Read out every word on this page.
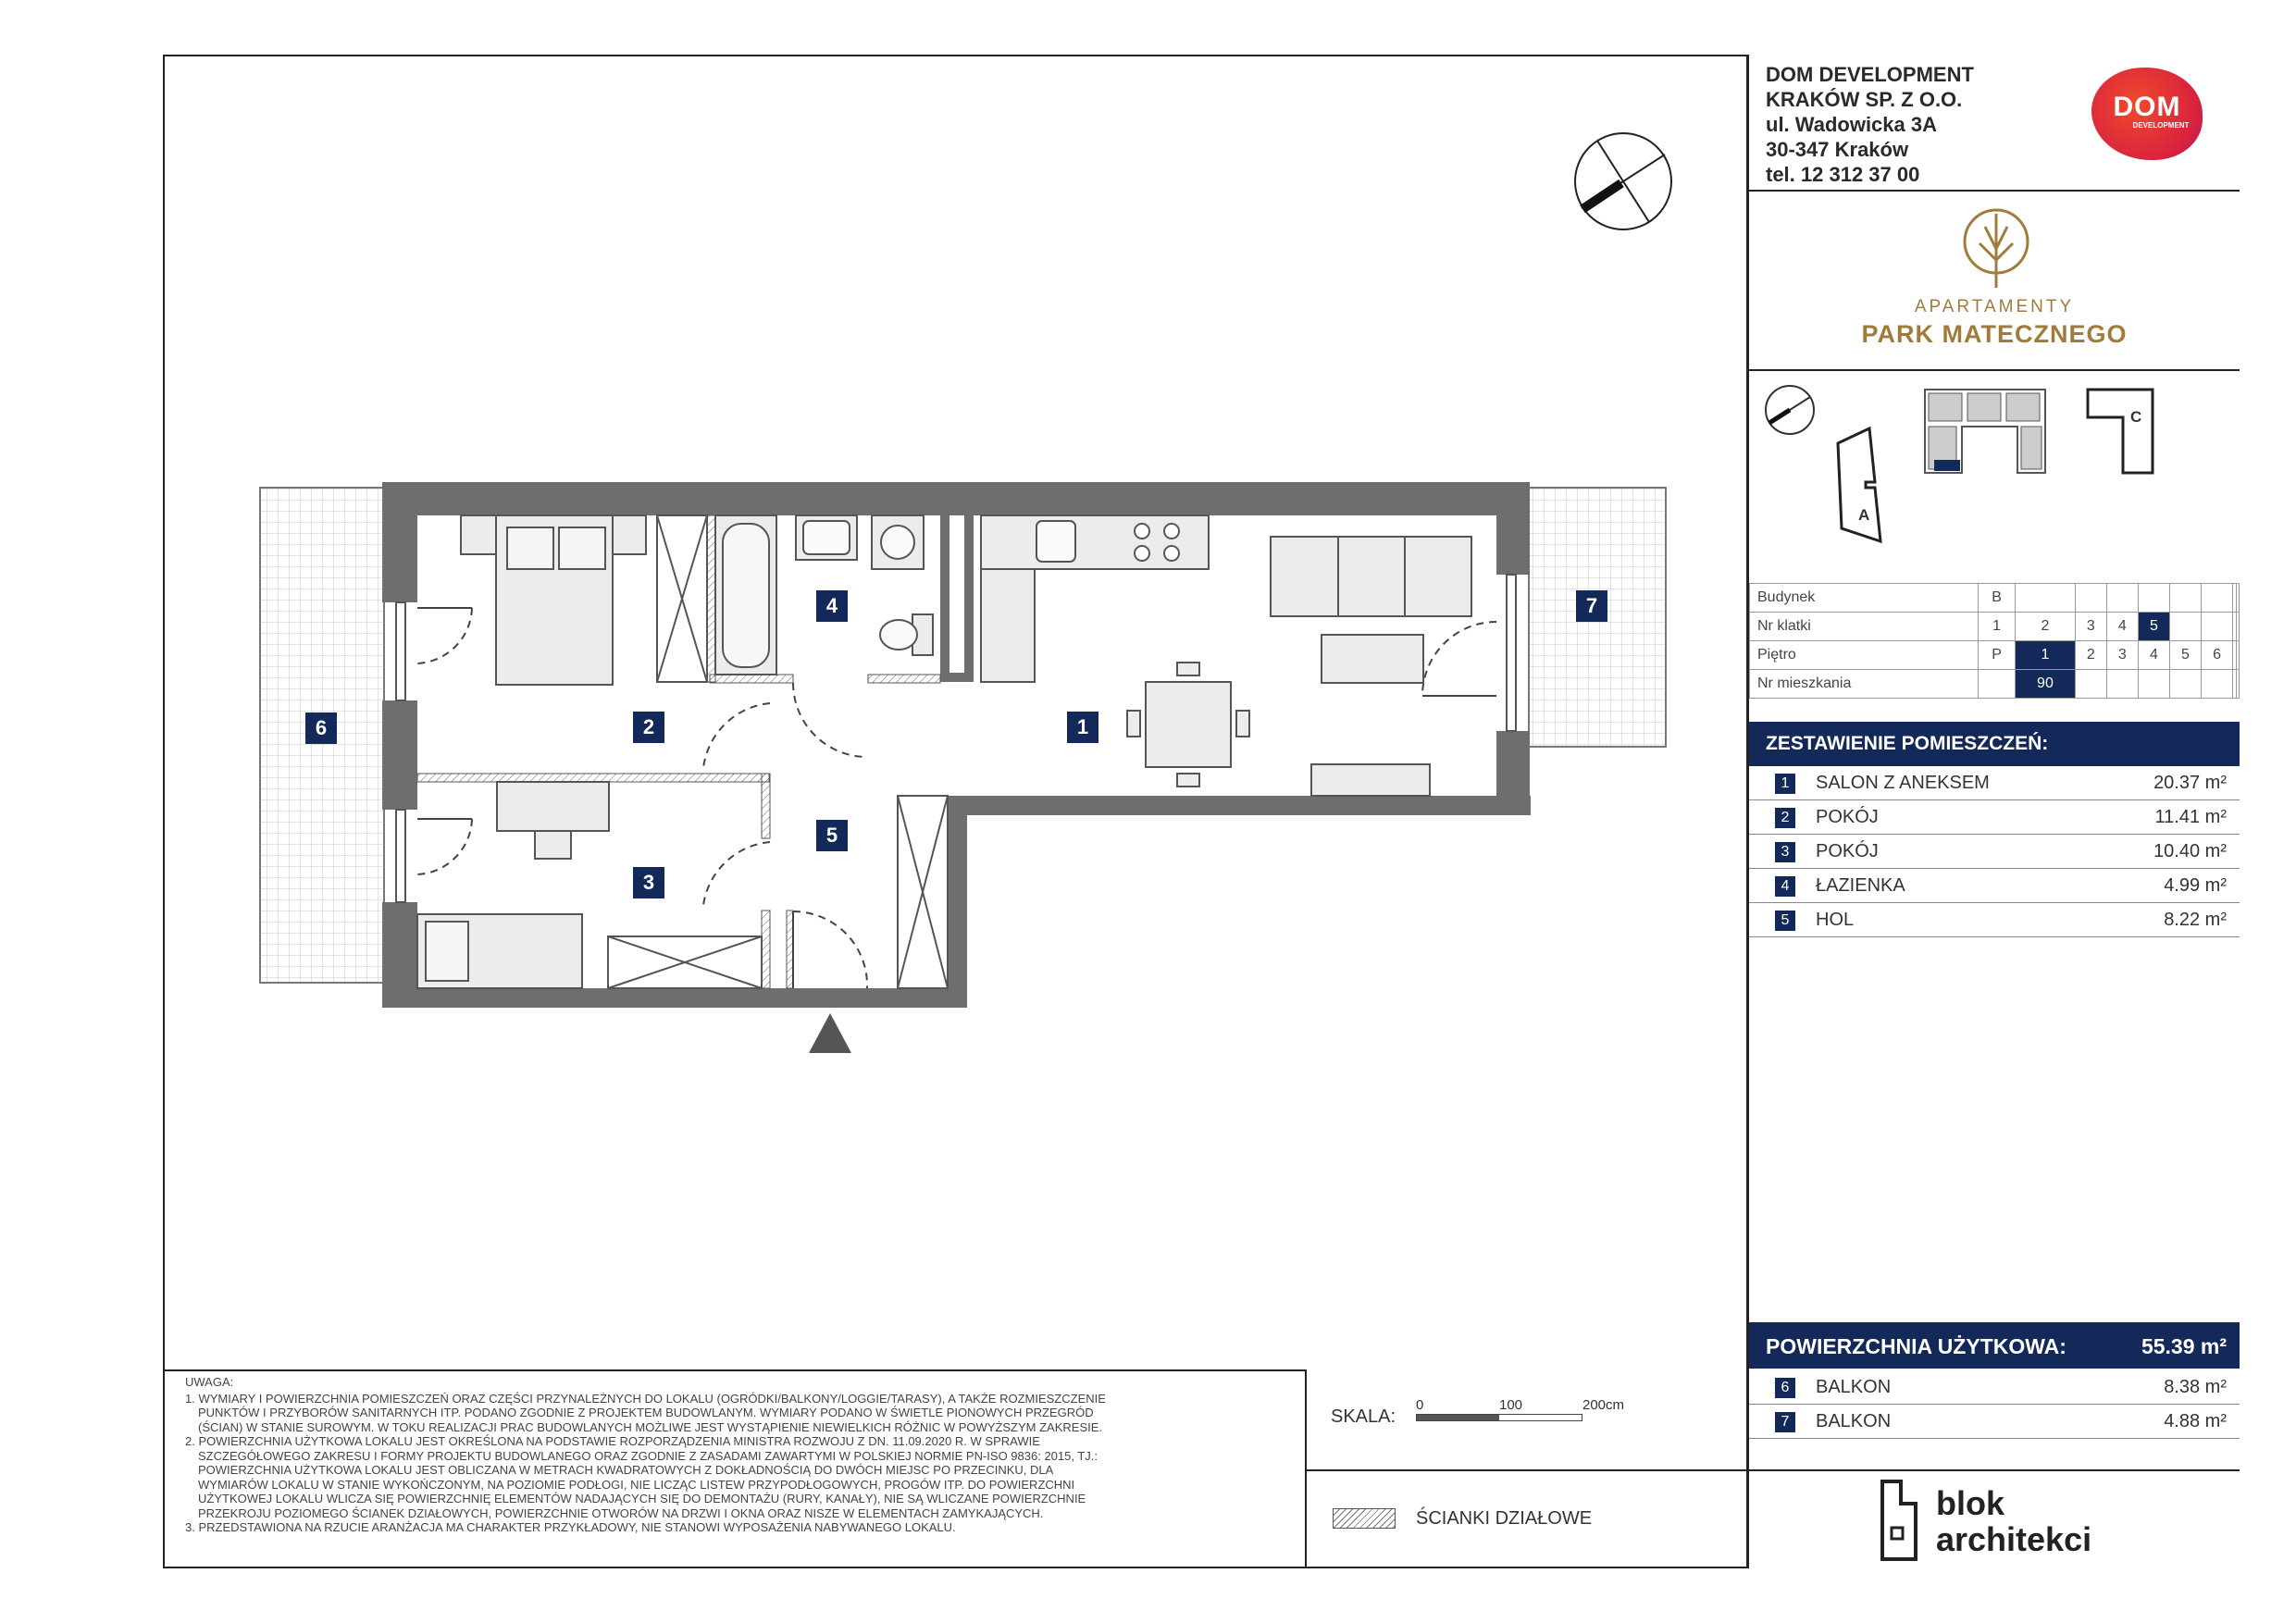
1
2
3
4
5
6
7
UWAGA:
1. WYMIARY I POWIERZCHNIA POMIESZCZEŃ ORAZ CZĘŚCI PRZYNALEŻNYCH DO LOKALU (OGRÓDKI/BALKONY/LOGGIE/TARASY), A TAKŻE ROZMIESZCZENIE
PUNKTÓW I PRZYBORÓW SANITARNYCH ITP. PODANO ZGODNIE Z PROJEKTEM BUDOWLANYM. WYMIARY PODANO W ŚWIETLE PIONOWYCH PRZEGRÓD
(ŚCIAN) W STANIE SUROWYM. W TOKU REALIZACJI PRAC BUDOWLANYCH MOŻLIWE JEST WYSTĄPIENIE NIEWIELKICH RÓŻNIC W POWYŻSZYM ZAKRESIE.
2. POWIERZCHNIA UŻYTKOWA LOKALU JEST OKREŚLONA NA PODSTAWIE ROZPORZĄDZENIA MINISTRA ROZWOJU Z DN. 11.09.2020 R. W SPRAWIE
SZCZEGÓŁOWEGO ZAKRESU I FORMY PROJEKTU BUDOWLANEGO ORAZ ZGODNIE Z ZASADAMI ZAWARTYMI W POLSKIEJ NORMIE PN-ISO 9836: 2015, TJ.:
POWIERZCHNIA UŻYTKOWA LOKALU JEST OBLICZANA W METRACH KWADRATOWYCH Z DOKŁADNOŚCIĄ DO DWÓCH MIEJSC PO PRZECINKU, DLA
WYMIARÓW LOKALU W STANIE WYKOŃCZONYM, NA POZIOMIE PODŁOGI, NIE LICZĄC LISTEW PRZYPODŁOGOWYCH, PROGÓW ITP. DO POWIERZCHNI
UŻYTKOWEJ LOKALU WLICZA SIĘ POWIERZCHNIĘ ELEMENTÓW NADAJĄCYCH SIĘ DO DEMONTAŻU (RURY, KANAŁY), NIE SĄ WLICZANE POWIERZCHNIE
PRZEKROJU POZIOMEGO ŚCIANEK DZIAŁOWYCH, POWIERZCHNIE OTWORÓW NA DRZWI I OKNA ORAZ NISZE W ELEMENTACH ZAMYKAJĄCYCH.
3. PRZEDSTAWIONA NA RZUCIE ARANŻACJA MA CHARAKTER PRZYKŁADOWY, NIE STANOWI WYPOSAŻENIA NABYWANEGO LOKALU.
SKALA:
0	100	200cm
ŚCIANKI DZIAŁOWE
DOM DEVELOPMENT
KRAKÓW SP. Z O.O.
ul. Wadowicka 3A
30-347 Kraków
tel. 12 312 37 00
DOM
DEVELOPMENT
APARTAMENTY
PARK MATECZNEGO
C
A
Budynek	B								
Nr klatki	1	2	3	4	5				
Piętro	P	1	2	3	4	5	6		
Nr mieszkania		90							
ZESTAWIENIE POMIESZCZEŃ:
1	SALON Z ANEKSEM	20.37 m²
2	POKÓJ	11.41 m²
3	POKÓJ	10.40 m²
4	ŁAZIENKA	4.99 m²
5	HOL	8.22 m²
POWIERZCHNIA UŻYTKOWA:	55.39 m²
6	BALKON	8.38 m²
7	BALKON	4.88 m²
blok
architekci
